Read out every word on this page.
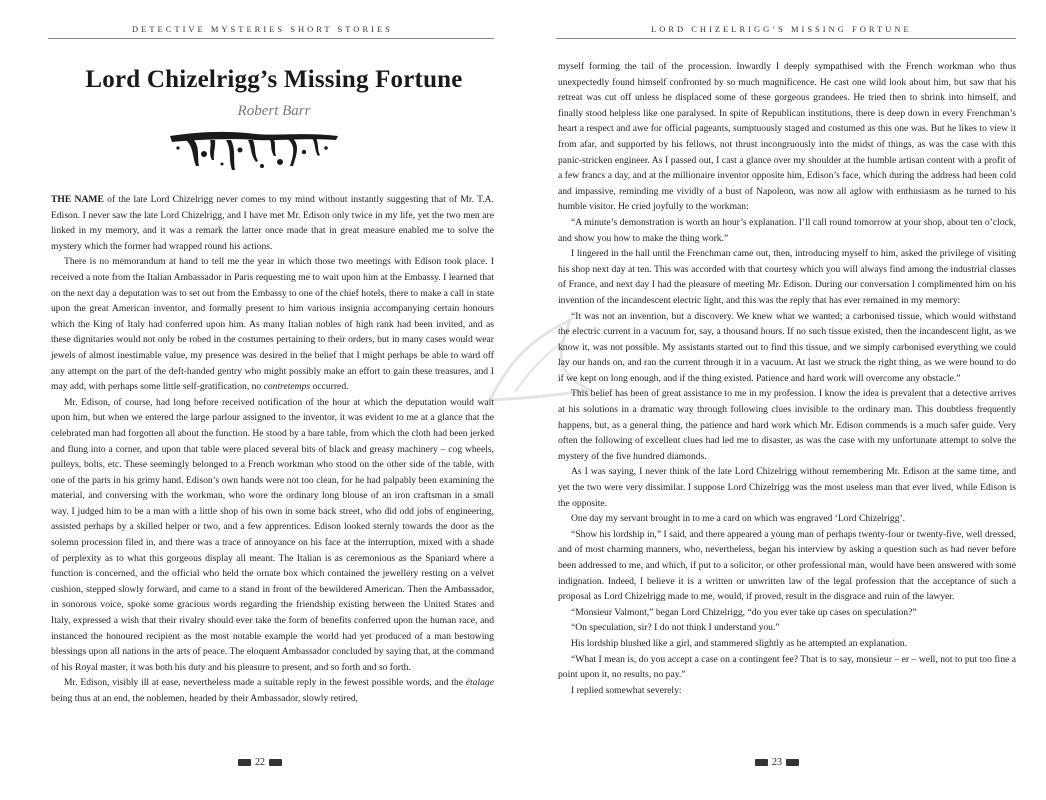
DETECTIVE MYSTERIES SHORT STORIES
Lord Chizelrigg’s Missing Fortune
Robert Barr

THE NAME of the late Lord Chizelrigg never comes to my mind without instantly suggesting that of Mr. T.A. Edison. I never saw the late Lord Chizelrigg, and I have met Mr. Edison only twice in my life, yet the two men are linked in my memory, and it was a remark the latter once made that in great measure enabled me to solve the mystery which the former had wrapped round his actions.

There is no memorandum at hand to tell me the year in which those two meetings with Edison took place. I received a note from the Italian Ambassador in Paris requesting me to wait upon him at the Embassy. I learned that on the next day a deputation was to set out from the Embassy to one of the chief hotels, there to make a call in state upon the great American inventor, and formally present to him various insignia accompanying certain honours which the King of Italy had conferred upon him. As many Italian nobles of high rank had been invited, and as these dignitaries would not only be robed in the costumes pertaining to their orders, but in many cases would wear jewels of almost inestimable value, my presence was desired in the belief that I might perhaps be able to ward off any attempt on the part of the deft-handed gentry who might possibly make an effort to gain these treasures, and I may add, with perhaps some little self-gratification, no contretemps occurred.

Mr. Edison, of course, had long before received notification of the hour at which the deputation would wait upon him, but when we entered the large parlour assigned to the inventor, it was evident to me at a glance that the celebrated man had forgotten all about the function. He stood by a bare table, from which the cloth had been jerked and flung into a corner, and upon that table were placed several bits of black and greasy machinery – cog wheels, pulleys, bolts, etc. These seemingly belonged to a French workman who stood on the other side of the table, with one of the parts in his grimy hand. Edison’s own hands were not too clean, for he had palpably been examining the material, and conversing with the workman, who wore the ordinary long blouse of an iron craftsman in a small way. I judged him to be a man with a little shop of his own in some back street, who did odd jobs of engineering, assisted perhaps by a skilled helper or two, and a few apprentices. Edison looked sternly towards the door as the solemn procession filed in, and there was a trace of annoyance on his face at the interruption, mixed with a shade of perplexity as to what this gorgeous display all meant. The Italian is as ceremonious as the Spaniard where a function is concerned, and the official who held the ornate box which contained the jewellery resting on a velvet cushion, stepped slowly forward, and came to a stand in front of the bewildered American. Then the Ambassador, in sonorous voice, spoke some gracious words regarding the friendship existing between the United States and Italy, expressed a wish that their rivalry should ever take the form of benefits conferred upon the human race, and instanced the honoured recipient as the most notable example the world had yet produced of a man bestowing blessings upon all nations in the arts of peace. The eloquent Ambassador concluded by saying that, at the command of his Royal master, it was both his duty and his pleasure to present, and so forth and so forth.

Mr. Edison, visibly ill at ease, nevertheless made a suitable reply in the fewest possible words, and the étalage being thus at an end, the noblemen, headed by their Ambassador, slowly retired,

22
LORD CHIZELRIGG’S MISSING FORTUNE

myself forming the tail of the procession. Inwardly I deeply sympathised with the French workman who thus unexpectedly found himself confronted by so much magnificence. He cast one wild look about him, but saw that his retreat was cut off unless he displaced some of these gorgeous grandees. He tried then to shrink into himself, and finally stood helpless like one paralysed. In spite of Republican institutions, there is deep down in every Frenchman’s heart a respect and awe for official pageants, sumptuously staged and costumed as this one was. But he likes to view it from afar, and supported by his fellows, not thrust incongruously into the midst of things, as was the case with this panic-stricken engineer. As I passed out, I cast a glance over my shoulder at the humble artisan content with a profit of a few francs a day, and at the millionaire inventor opposite him, Edison’s face, which during the address had been cold and impassive, reminding me vividly of a bust of Napoleon, was now all aglow with enthusiasm as he turned to his humble visitor. He cried joyfully to the workman:

“A minute’s demonstration is worth an hour’s explanation. I’ll call round tomorrow at your shop, about ten o’clock, and show you how to make the thing work.”

I lingered in the hall until the Frenchman came out, then, introducing myself to him, asked the privilege of visiting his shop next day at ten. This was accorded with that courtesy which you will always find among the industrial classes of France, and next day I had the pleasure of meeting Mr. Edison. During our conversation I complimented him on his invention of the incandescent electric light, and this was the reply that has ever remained in my memory:

“It was not an invention, but a discovery. We knew what we wanted; a carbonised tissue, which would withstand the electric current in a vacuum for, say, a thousand hours. If no such tissue existed, then the incandescent light, as we know it, was not possible. My assistants started out to find this tissue, and we simply carbonised everything we could lay our hands on, and ran the current through it in a vacuum. At last we struck the right thing, as we were bound to do if we kept on long enough, and if the thing existed. Patience and hard work will overcome any obstacle.”

This belief has been of great assistance to me in my profession. I know the idea is prevalent that a detective arrives at his solutions in a dramatic way through following clues invisible to the ordinary man. This doubtless frequently happens, but, as a general thing, the patience and hard work which Mr. Edison commends is a much safer guide. Very often the following of excellent clues had led me to disaster, as was the case with my unfortunate attempt to solve the mystery of the five hundred diamonds.

As I was saying, I never think of the late Lord Chizelrigg without remembering Mr. Edison at the same time, and yet the two were very dissimilar. I suppose Lord Chizelrigg was the most useless man that ever lived, while Edison is the opposite.

One day my servant brought in to me a card on which was engraved ‘Lord Chizelrigg’.

“Show his lordship in,” I said, and there appeared a young man of perhaps twenty-four or twenty-five, well dressed, and of most charming manners, who, nevertheless, began his interview by asking a question such as had never before been addressed to me, and which, if put to a solicitor, or other professional man, would have been answered with some indignation. Indeed, I believe it is a written or unwritten law of the legal profession that the acceptance of such a proposal as Lord Chizelrigg made to me, would, if proved, result in the disgrace and ruin of the lawyer.

“Monsieur Valmont,” began Lord Chizelrigg, “do you ever take up cases on speculation?”

“On speculation, sir? I do not think I understand you.”

His lordship blushed like a girl, and stammered slightly as he attempted an explanation.

“What I mean is, do you accept a case on a contingent fee? That is to say, monsieur – er – well, not to put too fine a point upon it, no results, no pay.”

I replied somewhat severely:

23
